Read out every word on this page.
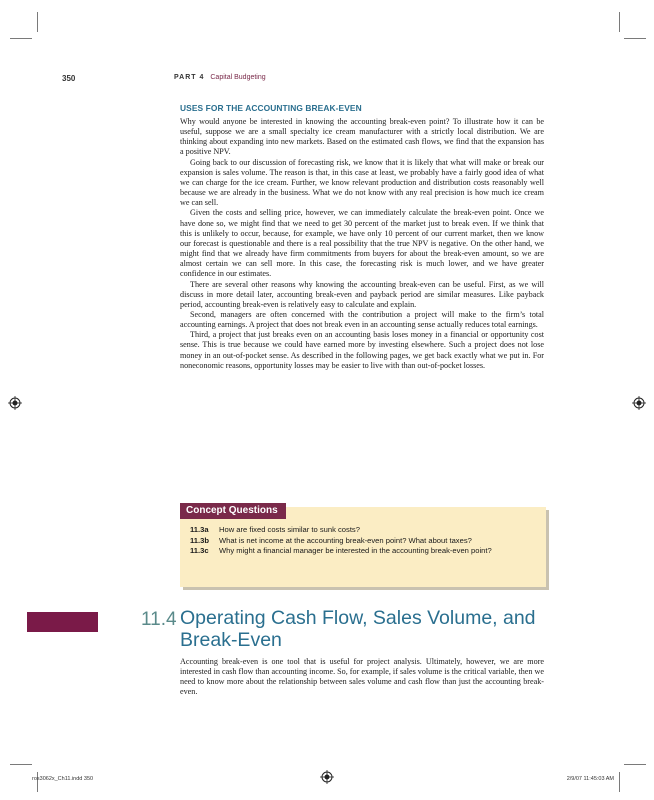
350	PART 4 Capital Budgeting
USES FOR THE ACCOUNTING BREAK-EVEN

Why would anyone be interested in knowing the accounting break-even point? To illustrate how it can be useful, suppose we are a small specialty ice cream manufacturer with a strictly local distribution. We are thinking about expanding into new markets. Based on the estimated cash flows, we find that the expansion has a positive NPV.

Going back to our discussion of forecasting risk, we know that it is likely that what will make or break our expansion is sales volume. The reason is that, in this case at least, we probably have a fairly good idea of what we can charge for the ice cream. Further, we know relevant production and distribution costs reasonably well because we are already in the business. What we do not know with any real precision is how much ice cream we can sell.

Given the costs and selling price, however, we can immediately calculate the break-even point. Once we have done so, we might find that we need to get 30 percent of the market just to break even. If we think that this is unlikely to occur, because, for example, we have only 10 percent of our current market, then we know our forecast is questionable and there is a real possibility that the true NPV is negative. On the other hand, we might find that we already have firm commitments from buyers for about the break-even amount, so we are almost certain we can sell more. In this case, the forecasting risk is much lower, and we have greater confidence in our estimates.

There are several other reasons why knowing the accounting break-even can be useful. First, as we will discuss in more detail later, accounting break-even and payback period are similar measures. Like payback period, accounting break-even is relatively easy to calculate and explain.

Second, managers are often concerned with the contribution a project will make to the firm’s total accounting earnings. A project that does not break even in an accounting sense actually reduces total earnings.

Third, a project that just breaks even on an accounting basis loses money in a financial or opportunity cost sense. This is true because we could have earned more by investing elsewhere. Such a project does not lose money in an out-of-pocket sense. As described in the following pages, we get back exactly what we put in. For noneconomic reasons, opportunity losses may be easier to live with than out-of-pocket losses.

Concept Questions
11.3a	How are fixed costs similar to sunk costs?
11.3b	What is net income at the accounting break-even point? What about taxes?
11.3c	Why might a financial manager be interested in the accounting break-even point?
11.4 Operating Cash Flow, Sales Volume, and Break-Even
Accounting break-even is one tool that is useful for project analysis. Ultimately, however, we are more interested in cash flow than accounting income. So, for example, if sales volume is the critical variable, then we need to know more about the relationship between sales volume and cash flow than just the accounting break-even.
ros3062x_Ch11.indd 350	2/9/07 11:45:03 AM
